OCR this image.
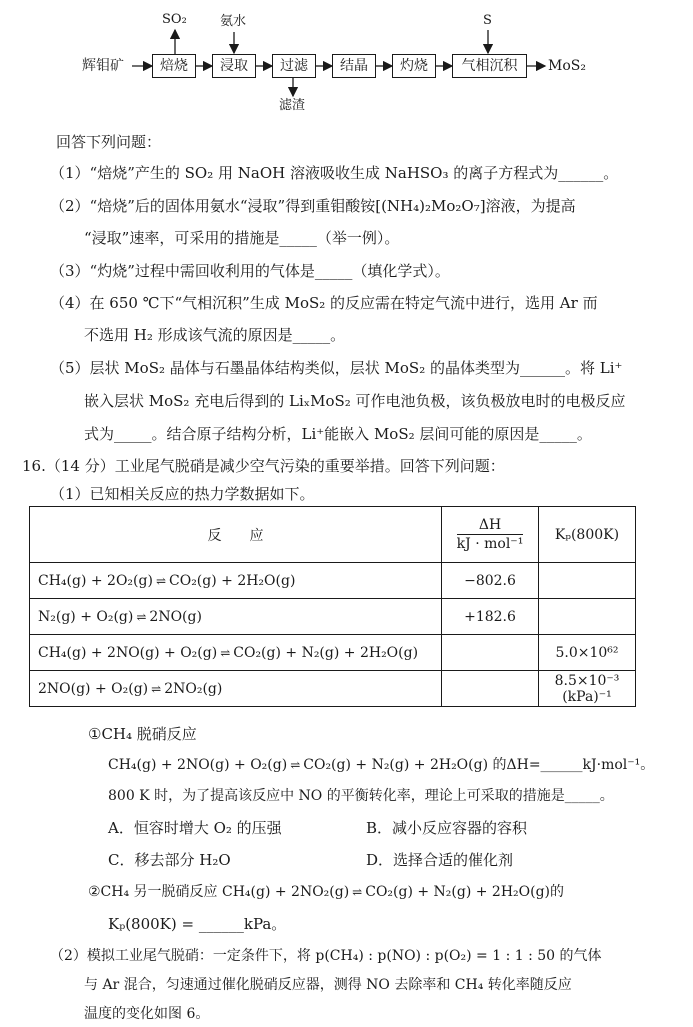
辉钼矿	焙烧	浸取	过滤	结晶	灼烧	气相沉积	MoS₂
SO₂	氨水
滤渣
S
回答下列问题：
（1）“焙烧”产生的 SO₂ 用 NaOH 溶液吸收生成 NaHSO₃ 的离子方程式为______。
（2）“焙烧”后的固体用氨水“浸取”得到重钼酸铵[(NH₄)₂Mo₂O₇]溶液，为提高
“浸取”速率，可采用的措施是_____（举一例）。
（3）“灼烧”过程中需回收利用的气体是_____（填化学式）。
（4）在 650 ℃下“气相沉积”生成 MoS₂ 的反应需在特定气流中进行，选用 Ar 而
不选用 H₂ 形成该气流的原因是_____。
（5）层状 MoS₂ 晶体与石墨晶体结构类似，层状 MoS₂ 的晶体类型为______。将 Li⁺
嵌入层状 MoS₂ 充电后得到的 LiₓMoS₂ 可作电池负极，该负极放电时的电极反应
式为_____。结合原子结构分析，Li⁺能嵌入 MoS₂ 层间可能的原因是_____。
16.（14 分）工业尾气脱硝是减少空气污染的重要举措。回答下列问题：
（1）已知相关反应的热力学数据如下。
反　　应	$\frac{\Delta H}{\text{kJ · mol⁻¹}}$	Kₚ(800K)
CH₄(g) + 2O₂(g) ⇌ CO₂(g) + 2H₂O(g)	−802.6	
N₂(g) + O₂(g) ⇌ 2NO(g)	+182.6	
CH₄(g) + 2NO(g) + O₂(g) ⇌ CO₂(g) + N₂(g) + 2H₂O(g)		5.0×10⁶²
2NO(g) + O₂(g) ⇌ 2NO₂(g)		8.5×10⁻³ (kPa)⁻¹
①CH₄ 脱硝反应
CH₄(g) + 2NO(g) + O₂(g) ⇌ CO₂(g) + N₂(g) + 2H₂O(g) 的ΔH=______kJ·mol⁻¹。
800 K 时，为了提高该反应中 NO 的平衡转化率，理论上可采取的措施是_____。
A．恒容时增大 O₂ 的压强	B．减小反应容器的容积
C．移去部分 H₂O	D．选择合适的催化剂
②CH₄ 另一脱硝反应 CH₄(g) + 2NO₂(g) ⇌ CO₂(g) + N₂(g) + 2H₂O(g)的
Kₚ(800K) = ______kPa。
（2）模拟工业尾气脱硝：一定条件下，将 p(CH₄) : p(NO) : p(O₂) = 1 : 1 : 50 的气体
与 Ar 混合，匀速通过催化脱硝反应器，测得 NO 去除率和 CH₄ 转化率随反应
温度的变化如图 6。
